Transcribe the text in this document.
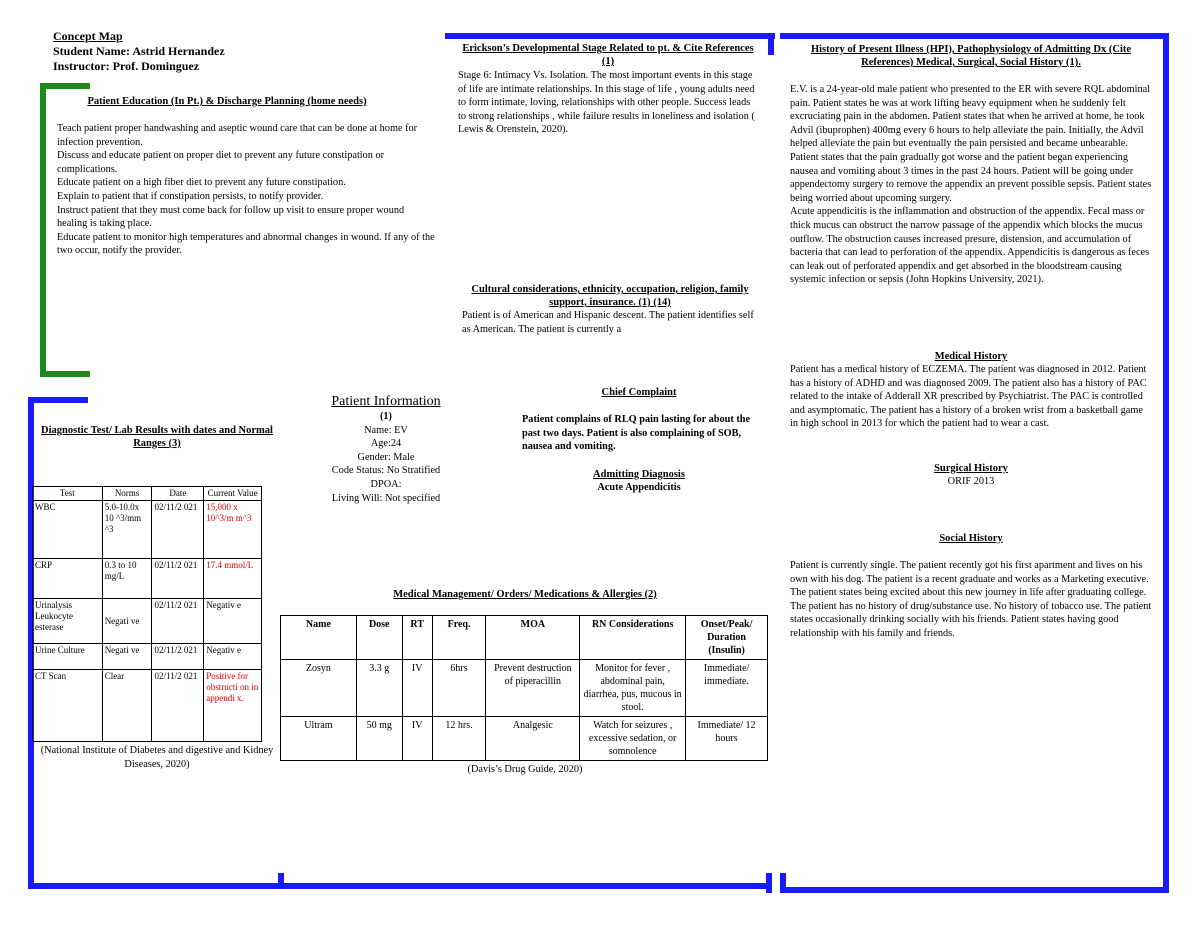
Concept Map
Student Name: Astrid Hernandez
Instructor: Prof. Dominguez
Patient Education (In Pt.) & Discharge Planning (home needs)

Teach patient proper handwashing and aseptic wound care that can be done at home for infection prevention.

Discuss and educate patient on proper diet to prevent any future constipation or complications.

Educate patient on a high fiber diet to prevent any future constipation.

Explain to patient that if constipation persists, to notify provider.

Instruct patient that they must come back for follow up visit to ensure proper wound healing is taking place.

Educate patient to monitor high temperatures and abnormal changes in wound. If any of the two occur, notify the provider.

Erickson’s Developmental Stage Related to pt. & Cite References (1)
Stage 6: Intimacy Vs. Isolation. The most important events in this stage of life are intimate relationships. In this stage of life , young adults need to form intimate, loving, relationships with other people. Success leads to strong relationships , while failure results in loneliness and isolation ( Lewis & Orenstein, 2020).
Cultural considerations, ethnicity, occupation, religion, family support, insurance. (1) (14)
Patient is of American and Hispanic descent. The patient identifies self as American. The patient is currently a
History of Present Illness (HPI), Pathophysiology of Admitting Dx (Cite References) Medical, Surgical, Social History (1).
E.V. is a 24-year-old male patient who presented to the ER with severe RQL abdominal pain. Patient states he was at work lifting heavy equipment when he suddenly felt excruciating pain in the abdomen. Patient states that when he arrived at home, he took Advil (ibuprophen) 400mg every 6 hours to help alleviate the pain. Initially, the Advil helped alleviate the pain but eventually the pain persisted and became unbearable. Patient states that the pain gradually got worse and the patient began experiencing nausea and vomiting about 3 times in the past 24 hours. Patient will be going under appendectomy surgery to remove the appendix an prevent possible sepsis. Patient states being worried about upcoming surgery.
Acute appendicitis is the inflammation and obstruction of the appendix. Fecal mass or thick mucus can obstruct the narrow passage of the appendix which blocks the mucus outflow. The obstruction causes increased presure, distension, and accumulation of bacteria that can lead to perforation of the appendix. Appendicitis is dangerous as feces can leak out of perforated appendix and get absorbed in the bloodstream causing systemic infection or sepsis (John Hopkins University, 2021).
Medical History
Patient has a medical history of ECZEMA. The patient was diagnosed in 2012. Patient has a history of ADHD and was diagnosed 2009. The patient also has a history of PAC related to the intake of Adderall XR prescribed by Psychiatrist. The PAC is controlled and asymptomatic. The patient has a history of a broken wrist from a basketball game in high school in 2013 for which the patient had to wear a cast.
Surgical History
ORIF 2013
Social History
Patient is currently single. The patient recently got his first apartment and lives on his own with his dog. The patient is a recent graduate and works as a Marketing executive. The patient states being excited about this new journey in life after graduating college. The patient has no history of drug/substance use. No history of tobacco use. The patient states occasionally drinking socially with his friends. Patient states having good relationship with his family and friends.
Patient Information
(1)
Name: EV
Age:24
Gender: Male
Code Status: No Stratified
DPOA:
Living Will: Not specified
Chief Complaint
Patient complains of RLQ pain lasting for about the past two days. Patient is also complaining of SOB, nausea and vomiting.
Admitting Diagnosis
Acute Appendicitis
Diagnostic Test/ Lab Results with dates and Normal Ranges (3)
Test	Norms	Date	Current Value
WBC	5.0-10.0x 10 ^3/mm ^3	02/11/2 021	15,000 x 10^3/m m^3
CRP	0.3 to 10 mg/L	02/11/2 021	17.4 mmol/L
Urinalysis Leukocyte esterase	Negati ve	02/11/2 021	Negativ e
Urine Culture	Negati ve	02/11/2 021	Negativ e
CT Scan	Clear	02/11/2 021	Positive for obstructi on in appendi x.
(National Institute of Diabetes and digestive and Kidney Diseases, 2020)
Medical Management/ Orders/ Medications & Allergies (2)
Name	Dose	RT	Freq.	MOA	RN Considerations	Onset/Peak/ Duration (Insulin)
Zosyn	3.3 g	IV	6hrs	Prevent destruction of piperacillin	Monitor for fever , abdominal pain, diarrhea, pus, mucous in stool.	Immediate/ immediate.
Ultram	50 mg	IV	12 hrs.	Analgesic	Watch for seizures , excessive sedation, or somnolence	Immediate/ 12 hours
(Davis’s Drug Guide, 2020)
